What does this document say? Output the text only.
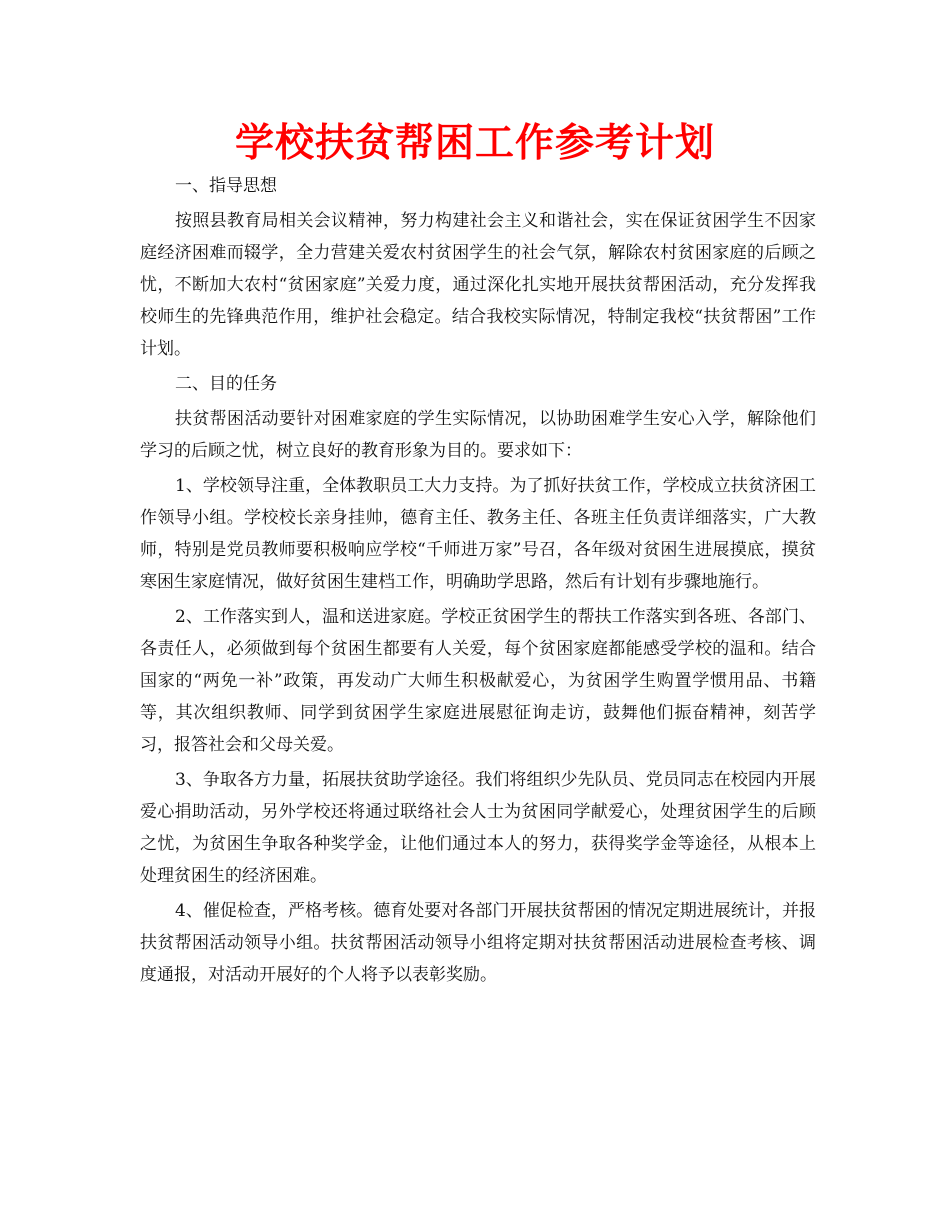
学校扶贫帮困工作参考计划

一、指导思想

按照县教育局相关会议精神，努力构建社会主义和谐社会，实在保证贫困学生不因家庭经济困难而辍学，全力营建关爱农村贫困学生的社会气氛，解除农村贫困家庭的后顾之忧，不断加大农村“贫困家庭”关爱力度，通过深化扎实地开展扶贫帮困活动，充分发挥我校师生的先锋典范作用，维护社会稳定。结合我校实际情况，特制定我校“扶贫帮困”工作计划。

二、目的任务

扶贫帮困活动要针对困难家庭的学生实际情况，以协助困难学生安心入学，解除他们学习的后顾之忧，树立良好的教育形象为目的。要求如下：

1、学校领导注重，全体教职员工大力支持。为了抓好扶贫工作，学校成立扶贫济困工作领导小组。学校校长亲身挂帅，德育主任、教务主任、各班主任负责详细落实，广大教师，特别是党员教师要积极响应学校“千师进万家”号召，各年级对贫困生进展摸底，摸贫寒困生家庭情况，做好贫困生建档工作，明确助学思路，然后有计划有步骤地施行。

2、工作落实到人，温和送进家庭。学校正贫困学生的帮扶工作落实到各班、各部门、各责任人，必须做到每个贫困生都要有人关爱，每个贫困家庭都能感受学校的温和。结合国家的“两免一补”政策，再发动广大师生积极献爱心，为贫困学生购置学惯用品、书籍等，其次组织教师、同学到贫困学生家庭进展慰征询走访，鼓舞他们振奋精神，刻苦学习，报答社会和父母关爱。

3、争取各方力量，拓展扶贫助学途径。我们将组织少先队员、党员同志在校园内开展爱心捐助活动，另外学校还将通过联络社会人士为贫困同学献爱心，处理贫困学生的后顾之忧，为贫困生争取各种奖学金，让他们通过本人的努力，获得奖学金等途径，从根本上处理贫困生的经济困难。

4、催促检查，严格考核。德育处要对各部门开展扶贫帮困的情况定期进展统计，并报扶贫帮困活动领导小组。扶贫帮困活动领导小组将定期对扶贫帮困活动进展检查考核、调度通报，对活动开展好的个人将予以表彰奖励。
